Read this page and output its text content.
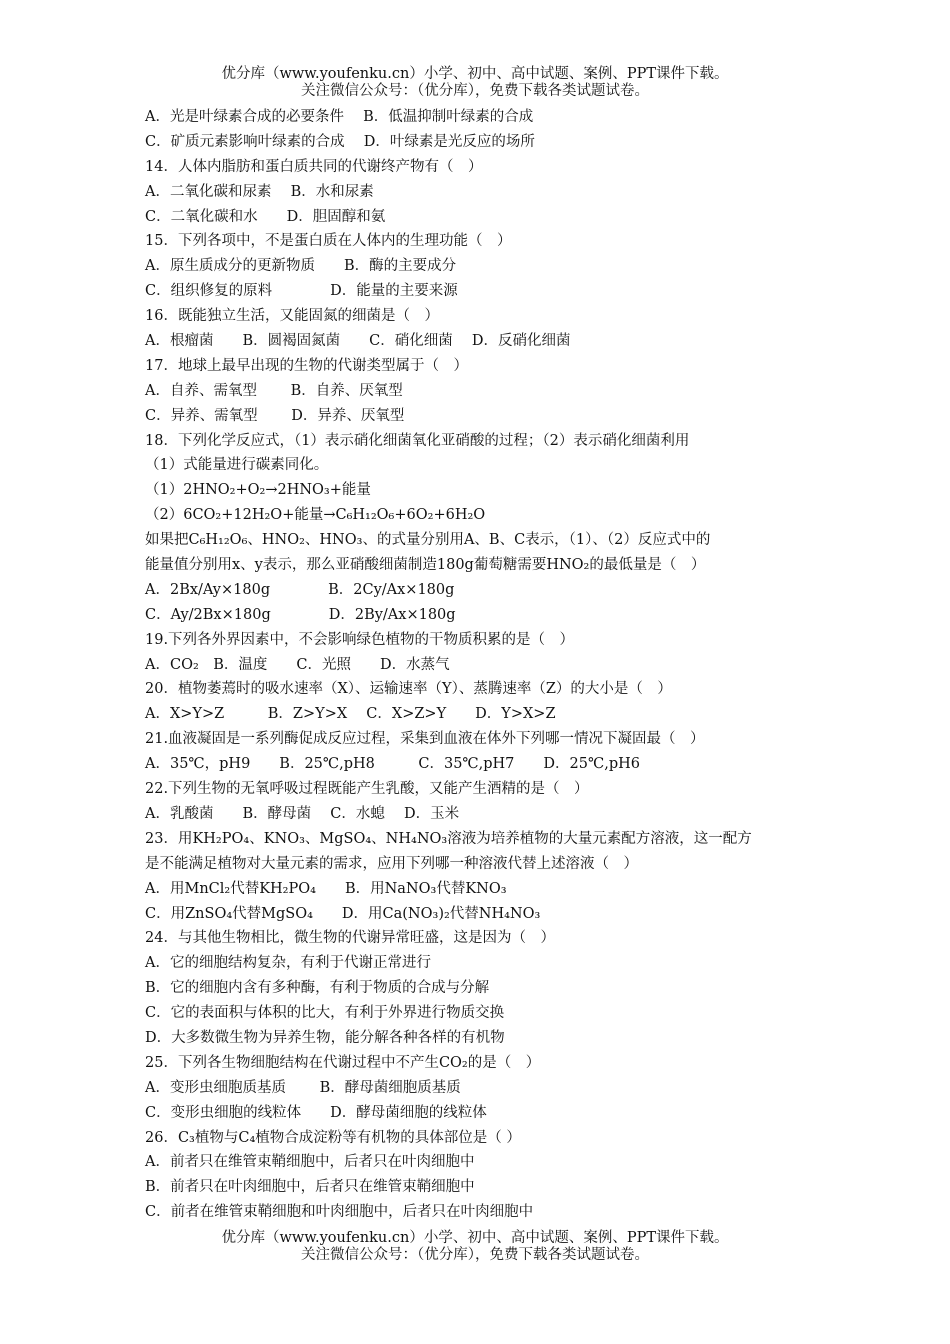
优分库（www.youfenku.cn）小学、初中、高中试题、案例、PPT课件下载。
关注微信公众号：（优分库），免费下载各类试题试卷。
A．光是叶绿素合成的必要条件　 B．低温抑制叶绿素的合成
C．矿质元素影响叶绿素的合成　 D．叶绿素是光反应的场所
14．人体内脂肪和蛋白质共同的代谢终产物有（　）
A．二氧化碳和尿素　 B．水和尿素
C．二氧化碳和水　　D．胆固醇和氨
15．下列各项中，不是蛋白质在人体内的生理功能（　）
A．原生质成分的更新物质　　B．酶的主要成分
C．组织修复的原料　　　　D．能量的主要来源
16．既能独立生活，又能固氮的细菌是（　）
A．根瘤菌　　B．圆褐固氮菌　　C．硝化细菌　 D．反硝化细菌
17．地球上最早出现的生物的代谢类型属于（　）
A．自养、需氧型　　 B．自养、厌氧型
C．异养、需氧型　　 D．异养、厌氧型
18．下列化学反应式，（1）表示硝化细菌氧化亚硝酸的过程；（2）表示硝化细菌利用
（1）式能量进行碳素同化。
（1）2HNO₂+O₂→2HNO₃+能量
（2）6CO₂+12H₂O+能量→C₆H₁₂O₆+6O₂+6H₂O
如果把C₆H₁₂O₆、HNO₂、HNO₃、的式量分别用A、B、C表示，（1）、（2）反应式中的
能量值分别用x、y表示，那么亚硝酸细菌制造180g葡萄糖需要HNO₂的最低量是（　）
A．2Bx/Ay×180g　　　　B．2Cy/Ax×180g
C．Ay/2Bx×180g　　　　D．2By/Ax×180g
19.下列各外界因素中，不会影响绿色植物的干物质积累的是（　）
A．CO₂　B．温度　　C．光照　　D．水蒸气
20．植物萎蔫时的吸水速率（X）、运输速率（Y）、蒸腾速率（Z）的大小是（　）
A．X>Y>Z　　　B．Z>Y>X　 C．X>Z>Y　　D．Y>X>Z
21.血液凝固是一系列酶促成反应过程，采集到血液在体外下列哪一情况下凝固最（　）
A．35℃，pH9　　B．25℃,pH8　　　C．35℃,pH7　　D．25℃,pH6
22.下列生物的无氧呼吸过程既能产生乳酸，又能产生酒精的是（　）
A．乳酸菌　　B．酵母菌　 C．水螅　 D．玉米
23．用KH₂PO₄、KNO₃、MgSO₄、NH₄NO₃溶液为培养植物的大量元素配方溶液，这一配方
是不能满足植物对大量元素的需求，应用下列哪一种溶液代替上述溶液（　）
A．用MnCl₂代替KH₂PO₄　　B．用NaNO₃代替KNO₃
C．用ZnSO₄代替MgSO₄　　D．用Ca(NO₃)₂代替NH₄NO₃
24．与其他生物相比，微生物的代谢异常旺盛，这是因为（　）
A．它的细胞结构复杂，有利于代谢正常进行
B．它的细胞内含有多种酶，有利于物质的合成与分解
C．它的表面积与体积的比大，有利于外界进行物质交换
D．大多数微生物为异养生物，能分解各种各样的有机物
25．下列各生物细胞结构在代谢过程中不产生CO₂的是（　）
A．变形虫细胞质基质　　 B．酵母菌细胞质基质
C．变形虫细胞的线粒体　　D．酵母菌细胞的线粒体
26．C₃植物与C₄植物合成淀粉等有机物的具体部位是（ ）
A．前者只在维管束鞘细胞中，后者只在叶肉细胞中
B．前者只在叶肉细胞中，后者只在维管束鞘细胞中
C．前者在维管束鞘细胞和叶肉细胞中，后者只在叶肉细胞中
优分库（www.youfenku.cn）小学、初中、高中试题、案例、PPT课件下载。
关注微信公众号：（优分库），免费下载各类试题试卷。
